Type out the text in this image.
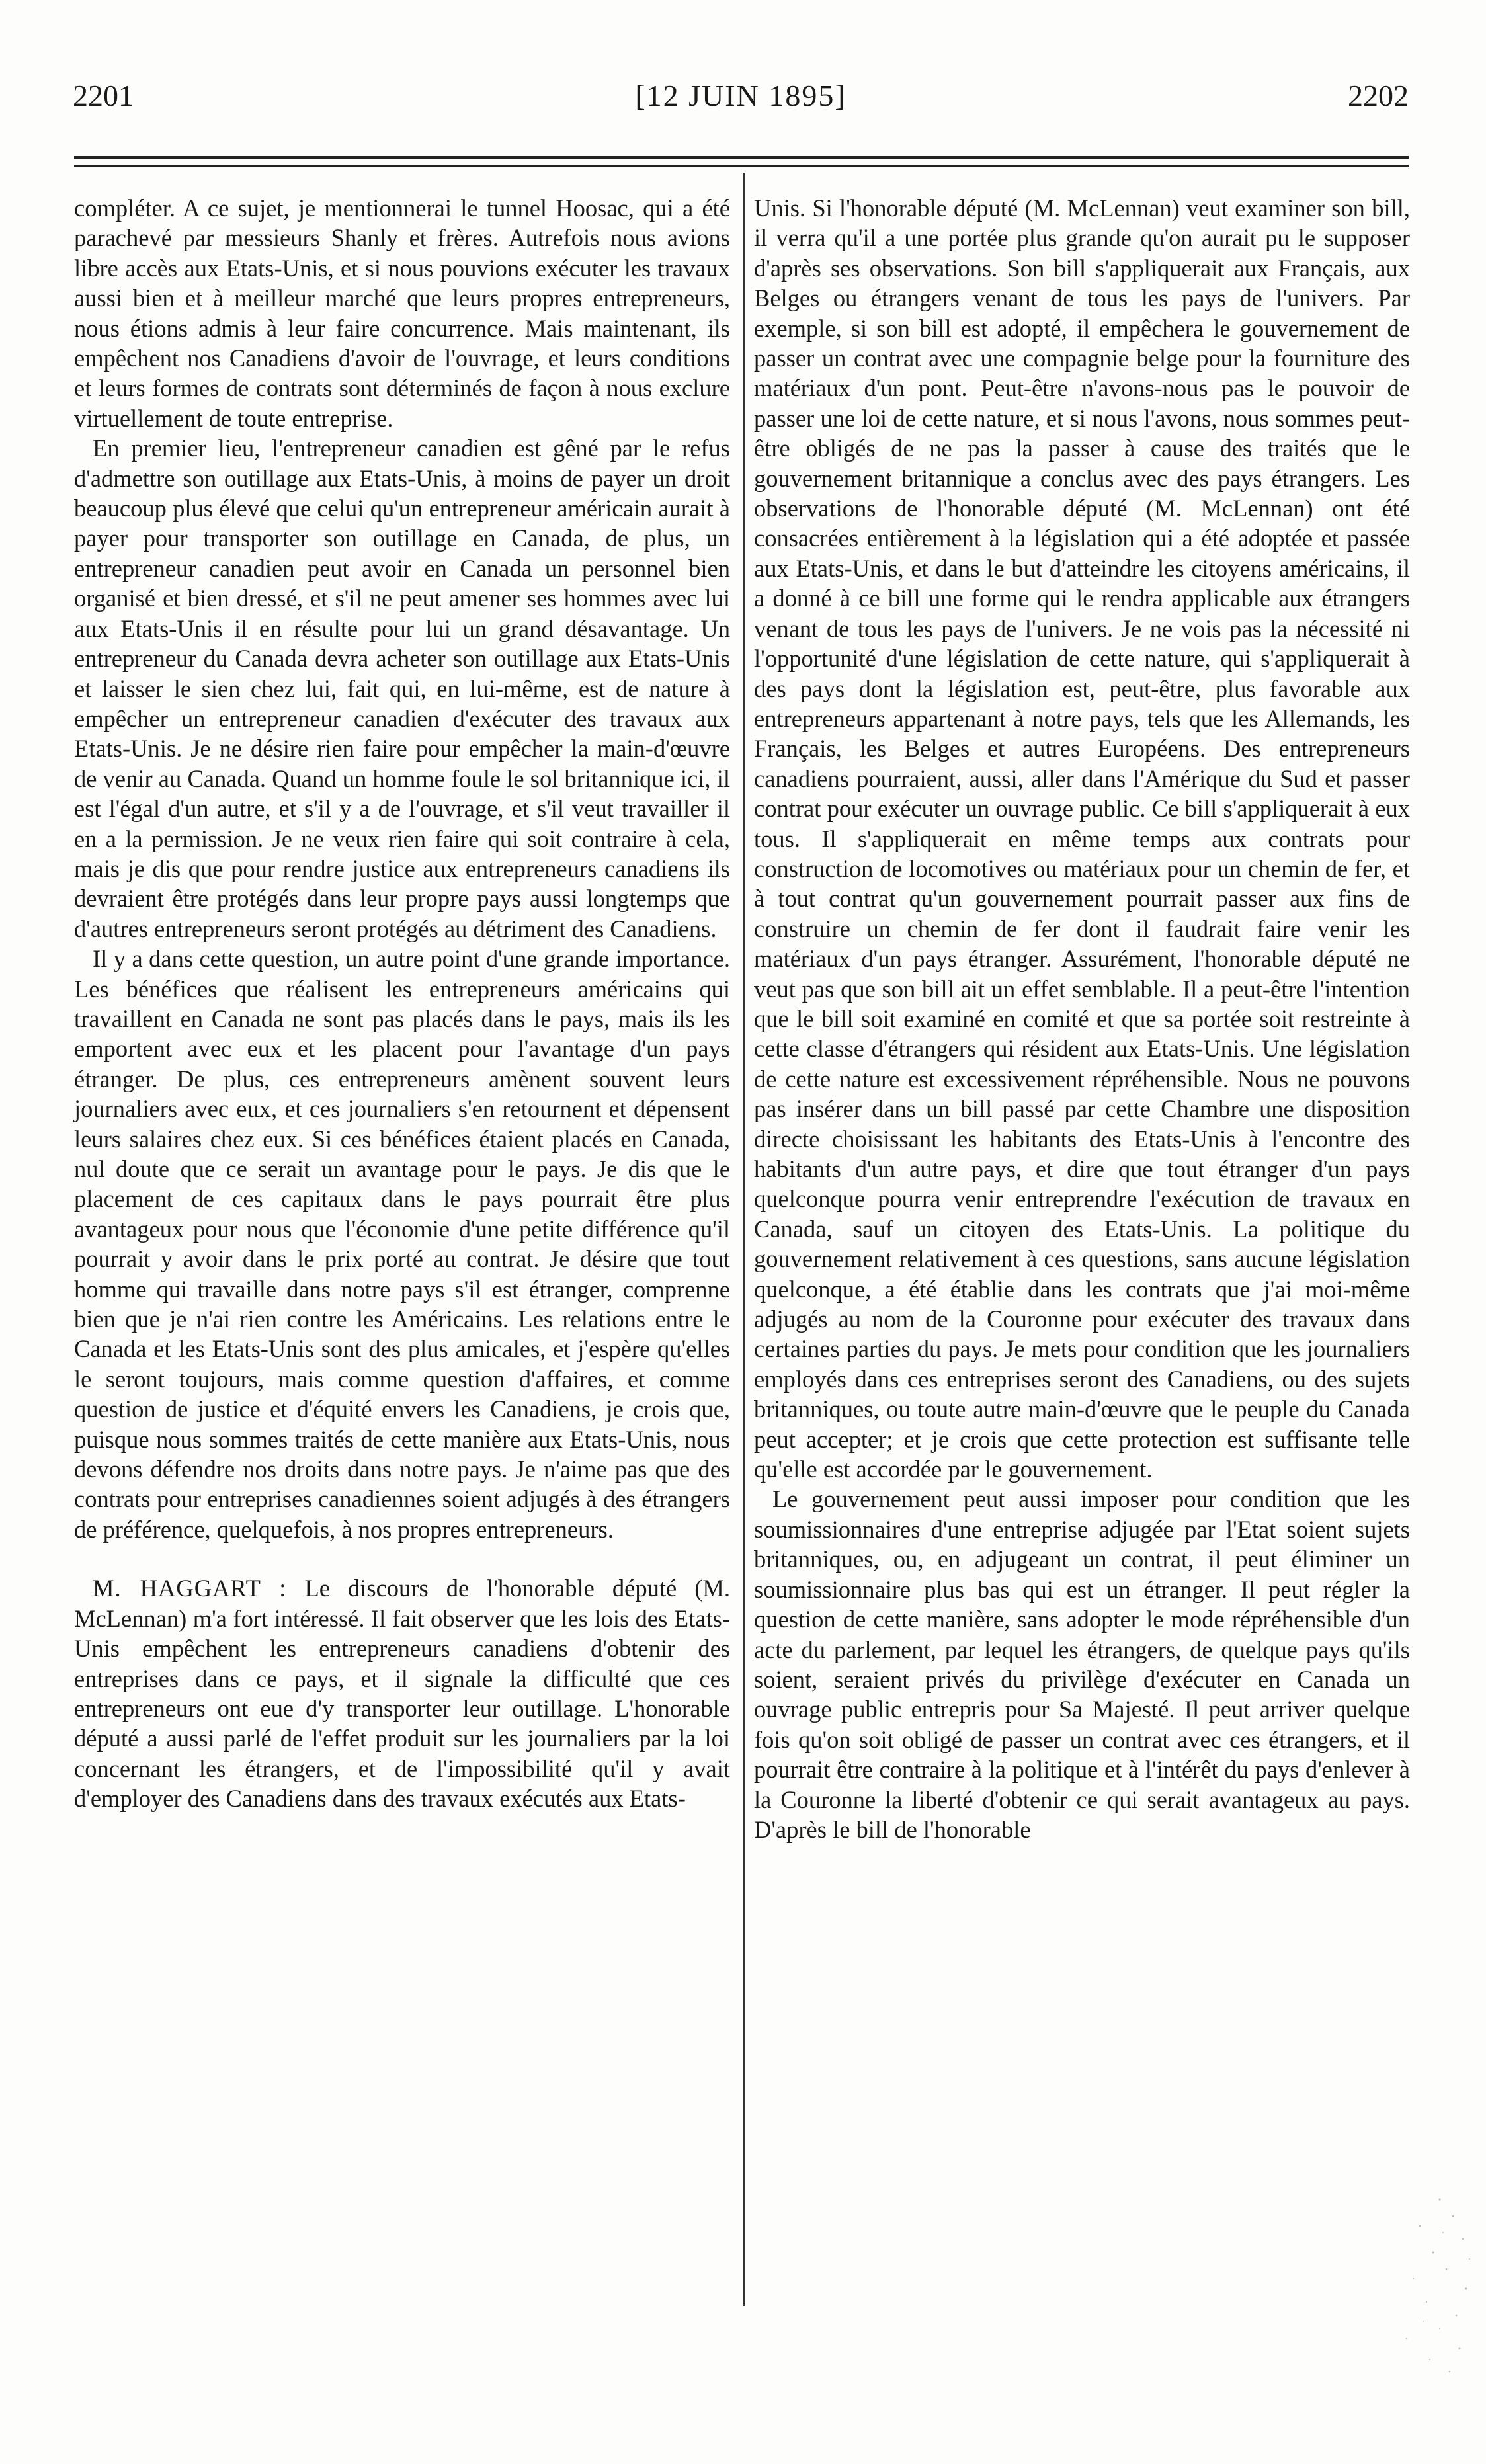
2201	[12 JUIN 1895]	2202

compléter. A ce sujet, je mentionnerai le tunnel Hoosac, qui a été parachevé par messieurs Shanly et frères. Autrefois nous avions libre accès aux Etats-Unis, et si nous pouvions exécuter les travaux aussi bien et à meilleur marché que leurs propres entrepreneurs, nous étions admis à leur faire concurrence. Mais maintenant, ils empêchent nos Canadiens d'avoir de l'ouvrage, et leurs conditions et leurs formes de contrats sont déterminés de façon à nous exclure virtuellement de toute entreprise.

En premier lieu, l'entrepreneur canadien est gêné par le refus d'admettre son outillage aux Etats-Unis, à moins de payer un droit beaucoup plus élevé que celui qu'un entrepreneur américain aurait à payer pour transporter son outillage en Canada, de plus, un entrepreneur canadien peut avoir en Canada un personnel bien organisé et bien dressé, et s'il ne peut amener ses hommes avec lui aux Etats-Unis il en résulte pour lui un grand désavantage. Un entrepreneur du Canada devra acheter son outillage aux Etats-Unis et laisser le sien chez lui, fait qui, en lui-même, est de nature à empêcher un entrepreneur canadien d'exécuter des travaux aux Etats-Unis. Je ne désire rien faire pour empêcher la main-d'œuvre de venir au Canada. Quand un homme foule le sol britannique ici, il est l'égal d'un autre, et s'il y a de l'ouvrage, et s'il veut travailler il en a la permission. Je ne veux rien faire qui soit contraire à cela, mais je dis que pour rendre justice aux entrepreneurs canadiens ils devraient être protégés dans leur propre pays aussi longtemps que d'autres entrepreneurs seront protégés au détriment des Canadiens.

Il y a dans cette question, un autre point d'une grande importance. Les bénéfices que réalisent les entrepreneurs américains qui travaillent en Canada ne sont pas placés dans le pays, mais ils les emportent avec eux et les placent pour l'avantage d'un pays étranger. De plus, ces entrepreneurs amènent souvent leurs journaliers avec eux, et ces journaliers s'en retournent et dépensent leurs salaires chez eux. Si ces bénéfices étaient placés en Canada, nul doute que ce serait un avantage pour le pays. Je dis que le placement de ces capitaux dans le pays pourrait être plus avantageux pour nous que l'économie d'une petite différence qu'il pourrait y avoir dans le prix porté au contrat. Je désire que tout homme qui travaille dans notre pays s'il est étranger, comprenne bien que je n'ai rien contre les Américains. Les relations entre le Canada et les Etats-Unis sont des plus amicales, et j'espère qu'elles le seront toujours, mais comme question d'affaires, et comme question de justice et d'équité envers les Canadiens, je crois que, puisque nous sommes traités de cette manière aux Etats-Unis, nous devons défendre nos droits dans notre pays. Je n'aime pas que des contrats pour entreprises canadiennes soient adjugés à des étrangers de préférence, quelquefois, à nos propres entrepreneurs.

M. HAGGART : Le discours de l'honorable député (M. McLennan) m'a fort intéressé. Il fait observer que les lois des Etats-Unis empêchent les entrepreneurs canadiens d'obtenir des entreprises dans ce pays, et il signale la difficulté que ces entrepreneurs ont eue d'y transporter leur outillage. L'honorable député a aussi parlé de l'effet produit sur les journaliers par la loi concernant les étrangers, et de l'impossibilité qu'il y avait d'employer des Canadiens dans des travaux exécutés aux Etats-

Unis. Si l'honorable député (M. McLennan) veut examiner son bill, il verra qu'il a une portée plus grande qu'on aurait pu le supposer d'après ses observations. Son bill s'appliquerait aux Français, aux Belges ou étrangers venant de tous les pays de l'univers. Par exemple, si son bill est adopté, il empêchera le gouvernement de passer un contrat avec une compagnie belge pour la fourniture des matériaux d'un pont. Peut-être n'avons-nous pas le pouvoir de passer une loi de cette nature, et si nous l'avons, nous sommes peut-être obligés de ne pas la passer à cause des traités que le gouvernement britannique a conclus avec des pays étrangers. Les observations de l'honorable député (M. McLennan) ont été consacrées entièrement à la législation qui a été adoptée et passée aux Etats-Unis, et dans le but d'atteindre les citoyens américains, il a donné à ce bill une forme qui le rendra applicable aux étrangers venant de tous les pays de l'univers. Je ne vois pas la nécessité ni l'opportunité d'une législation de cette nature, qui s'appliquerait à des pays dont la législation est, peut-être, plus favorable aux entrepreneurs appartenant à notre pays, tels que les Allemands, les Français, les Belges et autres Européens. Des entrepreneurs canadiens pourraient, aussi, aller dans l'Amérique du Sud et passer contrat pour exécuter un ouvrage public. Ce bill s'appliquerait à eux tous. Il s'appliquerait en même temps aux contrats pour construction de locomotives ou matériaux pour un chemin de fer, et à tout contrat qu'un gouvernement pourrait passer aux fins de construire un chemin de fer dont il faudrait faire venir les matériaux d'un pays étranger. Assurément, l'honorable député ne veut pas que son bill ait un effet semblable. Il a peut-être l'intention que le bill soit examiné en comité et que sa portée soit restreinte à cette classe d'étrangers qui résident aux Etats-Unis. Une législation de cette nature est excessivement répréhensible. Nous ne pouvons pas insérer dans un bill passé par cette Chambre une disposition directe choisissant les habitants des Etats-Unis à l'encontre des habitants d'un autre pays, et dire que tout étranger d'un pays quelconque pourra venir entreprendre l'exécution de travaux en Canada, sauf un citoyen des Etats-Unis. La politique du gouvernement relativement à ces questions, sans aucune législation quelconque, a été établie dans les contrats que j'ai moi-même adjugés au nom de la Couronne pour exécuter des travaux dans certaines parties du pays. Je mets pour condition que les journaliers employés dans ces entreprises seront des Canadiens, ou des sujets britanniques, ou toute autre main-d'œuvre que le peuple du Canada peut accepter; et je crois que cette protection est suffisante telle qu'elle est accordée par le gouvernement.

Le gouvernement peut aussi imposer pour condition que les soumissionnaires d'une entreprise adjugée par l'Etat soient sujets britanniques, ou, en adjugeant un contrat, il peut éliminer un soumissionnaire plus bas qui est un étranger. Il peut régler la question de cette manière, sans adopter le mode répréhensible d'un acte du parlement, par lequel les étrangers, de quelque pays qu'ils soient, seraient privés du privilège d'exécuter en Canada un ouvrage public entrepris pour Sa Majesté. Il peut arriver quelque fois qu'on soit obligé de passer un contrat avec ces étrangers, et il pourrait être contraire à la politique et à l'intérêt du pays d'enlever à la Couronne la liberté d'obtenir ce qui serait avantageux au pays. D'après le bill de l'honorable
